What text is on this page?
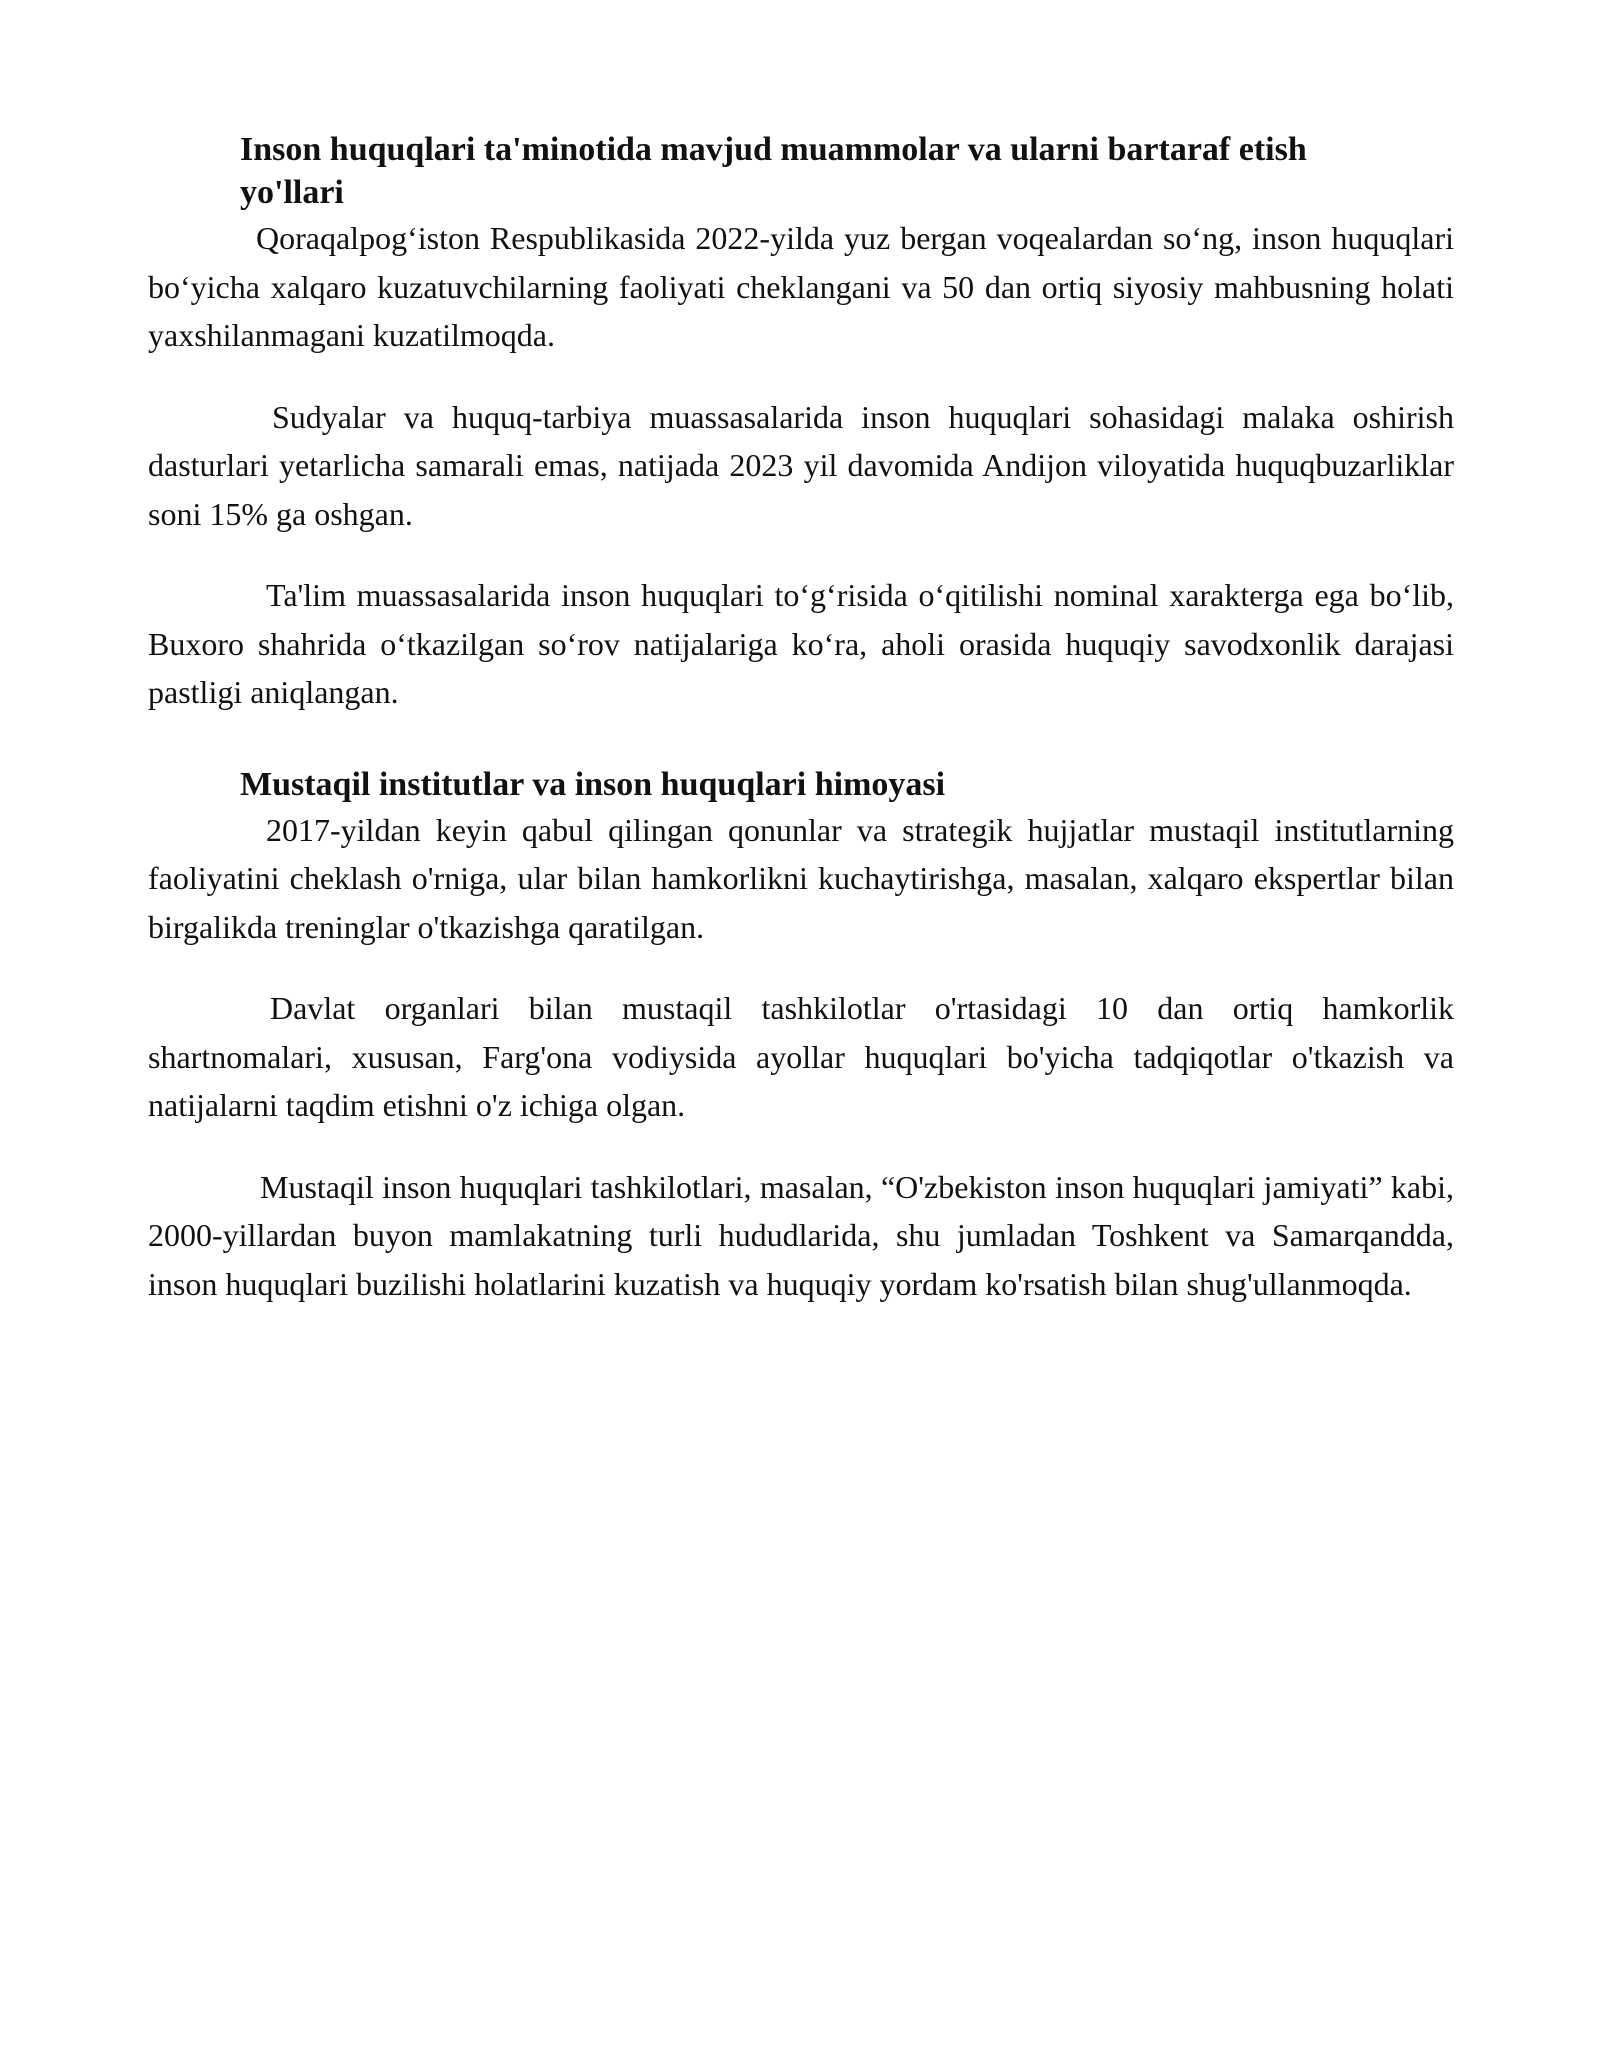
Inson huquqlari ta'minotida mavjud muammolar va ularni bartaraf etish yo'llari

Qoraqalpog‘iston Respublikasida 2022-yilda yuz bergan voqealardan so‘ng, inson huquqlari bo‘yicha xalqaro kuzatuvchilarning faoliyati cheklangani va 50 dan ortiq siyosiy mahbusning holati yaxshilanmagani kuzatilmoqda.

Sudyalar va huquq-tarbiya muassasalarida inson huquqlari sohasidagi malaka oshirish dasturlari yetarlicha samarali emas, natijada 2023 yil davomida Andijon viloyatida huquqbuzarliklar soni 15% ga oshgan.

Ta'lim muassasalarida inson huquqlari to‘g‘risida o‘qitilishi nominal xarakterga ega bo‘lib, Buxoro shahrida o‘tkazilgan so‘rov natijalariga ko‘ra, aholi orasida huquqiy savodxonlik darajasi pastligi aniqlangan.

Mustaqil institutlar va inson huquqlari himoyasi

2017-yildan keyin qabul qilingan qonunlar va strategik hujjatlar mustaqil institutlarning faoliyatini cheklash o'rniga, ular bilan hamkorlikni kuchaytirishga, masalan, xalqaro ekspertlar bilan birgalikda treninglar o'tkazishga qaratilgan.

Davlat organlari bilan mustaqil tashkilotlar o'rtasidagi 10 dan ortiq hamkorlik shartnomalari, xususan, Farg'ona vodiysida ayollar huquqlari bo'yicha tadqiqotlar o'tkazish va natijalarni taqdim etishni o'z ichiga olgan.

Mustaqil inson huquqlari tashkilotlari, masalan, “O'zbekiston inson huquqlari jamiyati” kabi, 2000-yillardan buyon mamlakatning turli hududlarida, shu jumladan Toshkent va Samarqandda, inson huquqlari buzilishi holatlarini kuzatish va huquqiy yordam ko'rsatish bilan shug'ullanmoqda.
